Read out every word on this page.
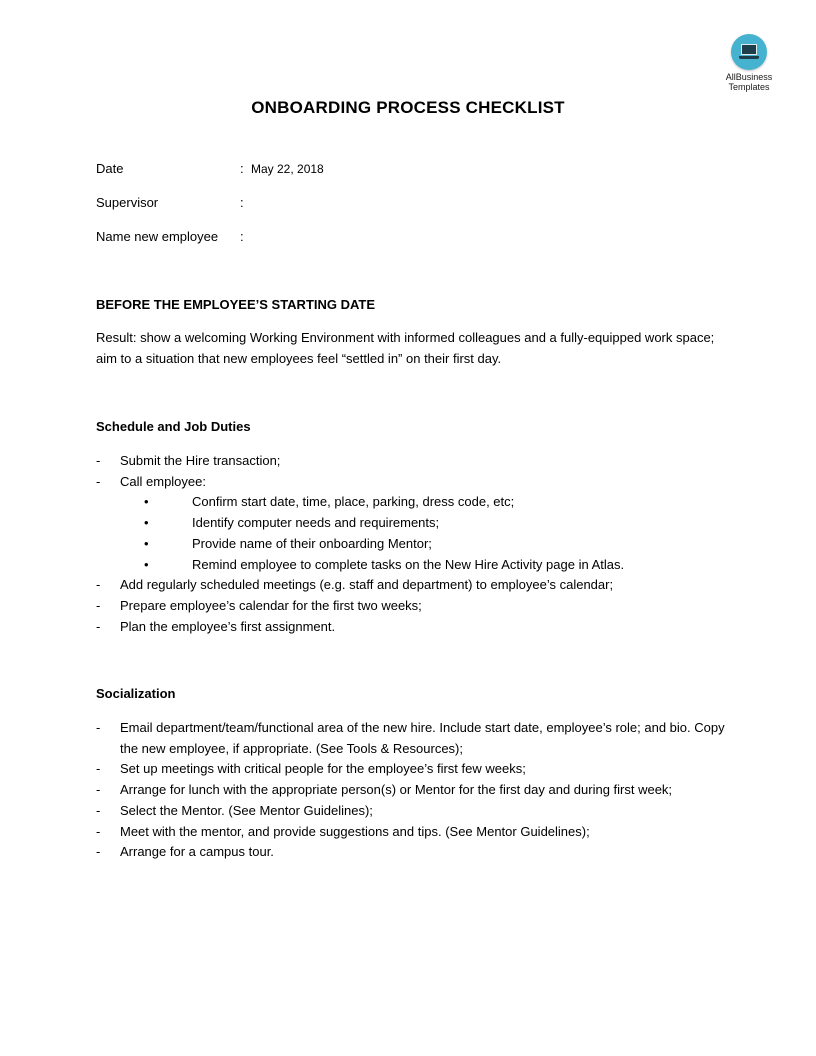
AllBusiness
Templates
ONBOARDING PROCESS CHECKLIST
Date	: May 22, 2018
Supervisor	:
Name new employee :
BEFORE THE EMPLOYEE’S STARTING DATE
Result: show a welcoming Working Environment with informed colleagues and a fully-equipped work space; aim to a situation that new employees feel “settled in” on their first day.
Schedule and Job Duties
-	Submit the Hire transaction;
-	Call employee:
•	Confirm start date, time, place, parking, dress code, etc;
•	Identify computer needs and requirements;
•	Provide name of their onboarding Mentor;
•	Remind employee to complete tasks on the New Hire Activity page in Atlas.
-	Add regularly scheduled meetings (e.g. staff and department) to employee’s calendar;
-	Prepare employee’s calendar for the first two weeks;
-	Plan the employee’s first assignment.
Socialization
-	Email department/team/functional area of the new hire. Include start date, employee’s role; and bio. Copy the new employee, if appropriate. (See Tools & Resources);
-	Set up meetings with critical people for the employee’s first few weeks;
-	Arrange for lunch with the appropriate person(s) or Mentor for the first day and during first week;
-	Select the Mentor. (See Mentor Guidelines);
-	Meet with the mentor, and provide suggestions and tips. (See Mentor Guidelines);
-	Arrange for a campus tour.
